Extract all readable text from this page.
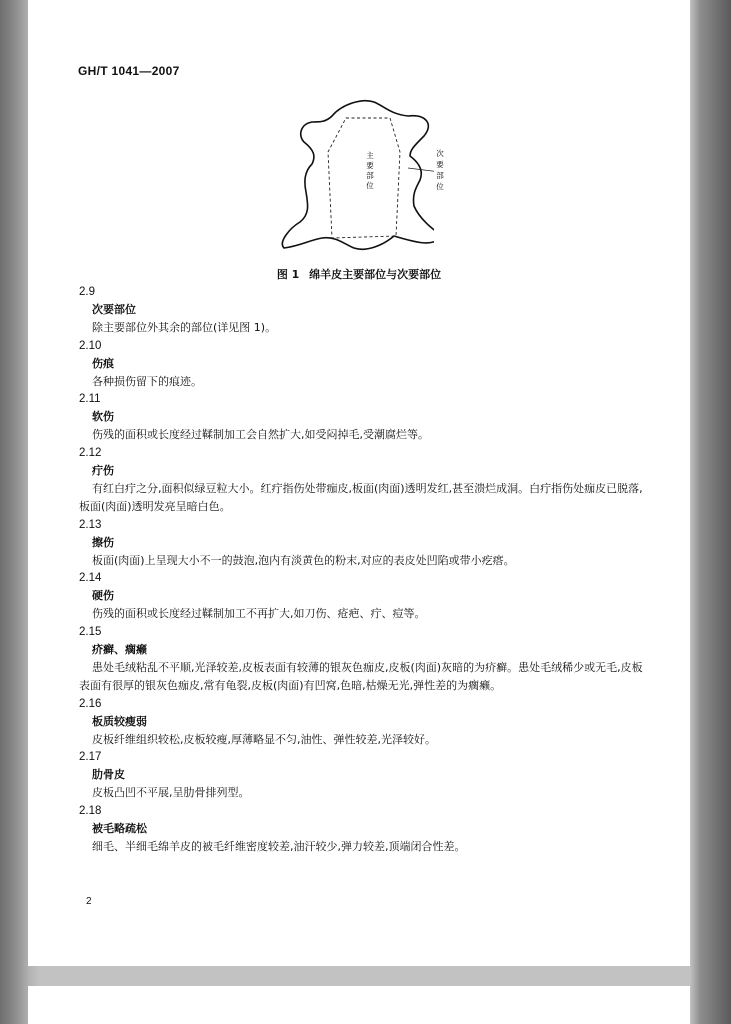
GH/T 1041—2007
主
要
部
位
次
要
部
位
图 1 绵羊皮主要部位与次要部位
2.9
次要部位
除主要部位外其余的部位(详见图 1)。
2.10
伤痕
各种损伤留下的痕迹。
2.11
软伤
伤残的面积或长度经过鞣制加工会自然扩大,如受闷掉毛,受潮腐烂等。
2.12
疔伤
有红白疔之分,面积似绿豆粒大小。红疔指伤处带痂皮,板面(肉面)透明发红,甚至溃烂成洞。白疔指伤处痂皮已脱落,板面(肉面)透明发亮呈暗白色。
2.13
擦伤
板面(肉面)上呈现大小不一的鼓泡,泡内有淡黄色的粉末,对应的表皮处凹陷或带小疙瘩。
2.14
硬伤
伤残的面积或长度经过鞣制加工不再扩大,如刀伤、疮疤、疔、痘等。
2.15
疥癣、瘸癞
患处毛绒粘乱不平顺,光泽较差,皮板表面有较薄的银灰色痂皮,皮板(肉面)灰暗的为疥癣。患处毛绒稀少或无毛,皮板表面有很厚的银灰色痂皮,常有龟裂,皮板(肉面)有凹窝,色暗,枯燥无光,弹性差的为瘸癞。
2.16
板质较瘦弱
皮板纤维组织较松,皮板较瘦,厚薄略显不匀,油性、弹性较差,光泽较好。
2.17
肋骨皮
皮板凸凹不平展,呈肋骨排列型。
2.18
被毛略疏松
细毛、半细毛绵羊皮的被毛纤维密度较差,油汗较少,弹力较差,顶端闭合性差。
2
